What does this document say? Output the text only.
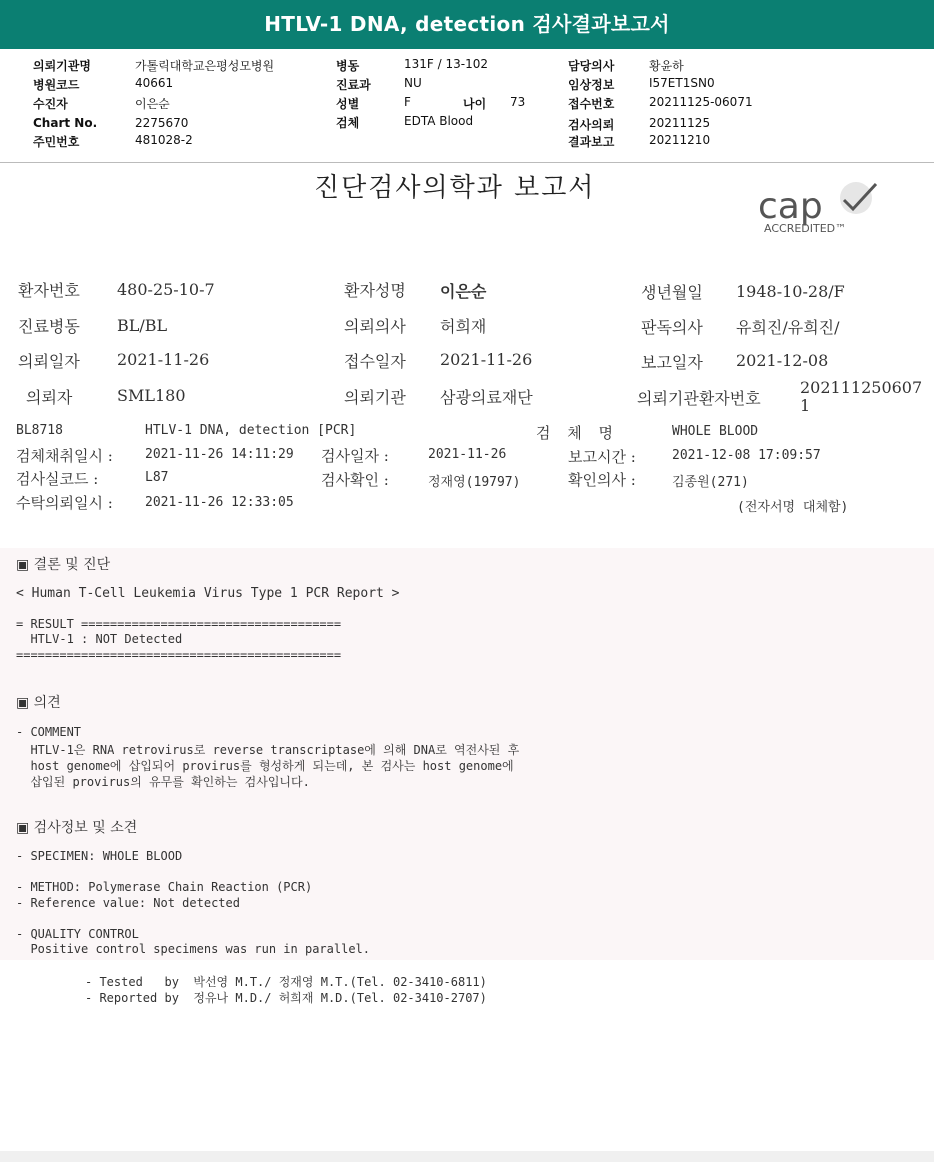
HTLV-1 DNA, detection 검사결과보고서
의뢰기관명	가톨릭대학교은평성모병원
병원코드	40661
수진자	이은순
Chart No.	2275670
주민번호	481028-2
병동	131F / 13-102
진료과	NU
성별	F	나이 73
검체	EDTA Blood
담당의사	황윤하
임상정보	I57ET1SN0
접수번호	20211125-06071
검사의뢰	20211125
결과보고	20211210
진단검사의학과 보고서	cap
ACCREDITED™
환자번호 480-25-10-7	환자성명 이은순	생년월일 1948-10-28/F
진료병동 BL/BL	의뢰의사 허희재	판독의사 유희진/유희진/
의뢰일자 2021-11-26	접수일자 2021-11-26	보고일자 2021-12-08
의뢰자	SML180	의뢰기관 삼광의료재단	의뢰기관환자번호
202111250607
1
BL8718	HTLV-1 DNA, detection [PCR]	검 체 명	WHOLE BLOOD
검체채취일시 : 2021-11-26 14:11:29 검사일자 :	2021-11-26	보고시간 :	2021-12-08 17:09:57
검사실코드 :	L87	검사확인 :	정재영(19797)	확인의사 :	김종원(271)
수탁의뢰일시 : 2021-11-26 12:33:05	(전자서명 대체함)
▣ 결론 및 진단
< Human T-Cell Leukemia Virus Type 1 PCR Report >
= RESULT ====================================
HTLV-1 : NOT Detected
=============================================
▣ 의견
- COMMENT
HTLV-1은 RNA retrovirus로 reverse transcriptase에 의해 DNA로 역전사된 후
host genome에 삽입되어 provirus를 형성하게 되는데, 본 검사는 host genome에
삽입된 provirus의 유무를 확인하는 검사입니다.
▣ 검사정보 및 소견
- SPECIMEN: WHOLE BLOOD
- METHOD: Polymerase Chain Reaction (PCR)
- Reference value: Not detected
- QUALITY CONTROL
Positive control specimens was run in parallel.
- Tested   by  박선영 M.T./ 정재영 M.T.(Tel. 02-3410-6811)
- Reported by  정유나 M.D./ 허희재 M.D.(Tel. 02-3410-2707)
